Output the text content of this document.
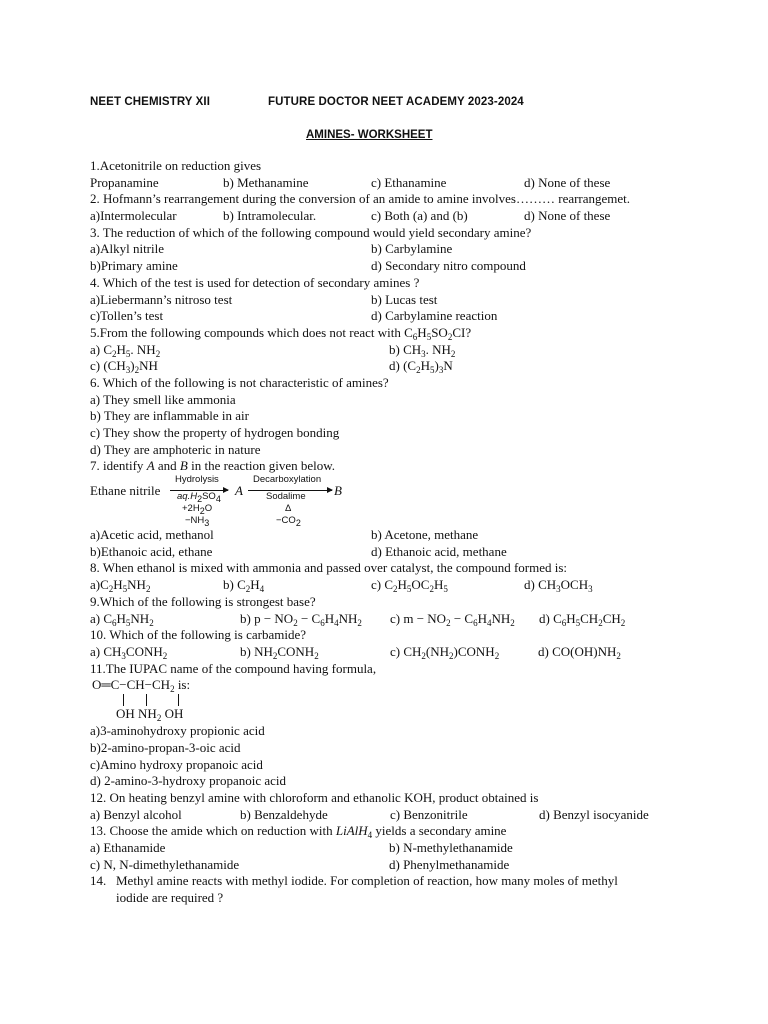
NEET CHEMISTRY XII	FUTURE DOCTOR NEET ACADEMY 2023-2024
AMINES- WORKSHEET
1.Acetonitrile on reduction gives
Propanamine	b) Methanamine	c) Ethanamine	d) None of these
2. Hofmann’s rearrangement during the conversion of an amide to amine involves……… rearrangemet.
a)Intermolecular	b) Intramolecular.	c) Both (a) and (b)	d) None of these
3. The reduction of which of the following compound would yield secondary amine?
a)Alkyl nitrile	b) Carbylamine
b)Primary amine	d) Secondary nitro compound
4. Which of the test is used for detection of secondary amines ?
a)Liebermann’s nitroso test	b) Lucas test
c)Tollen’s test	d) Carbylamine reaction
5.From the following compounds which does not react with $C_6H_5SO_2CI$?
a) $C_2H_5$. $NH_2$	b) $CH_3$. $NH_2$
c) $(CH_3)_2NH$	d) $(C_2H_5)_3N$
6. Which of the following is not characteristic of amines?
a) They smell like ammonia
b) They are inflammable in air
c) They show the property of hydrogen bonding
d) They are amphoteric in nature
7. identify A and B in the reaction given below.
Ethane nitrile
Hydrolysis
$aq.H_2SO_4$
$+2H_2O$
$-NH_3$
A
Decarboxylation
Sodalime
Δ
$-CO_2$
B
a)Acetic acid, methanol	b) Acetone, methane
b)Ethanoic acid, ethane	d) Ethanoic acid, methane
8. When ethanol is mixed with ammonia and passed over catalyst, the compound formed is:
$a)C_2H_5NH_2$	b) $C_2H_4$	c) $C_2H_5OC_2H_5$	d) $CH_3OCH_3$
9.Which of the following is strongest base?
a) $C_6H_5NH_2$	b) $p - NO_2 - C_6H_4NH_2$ c) $m - NO_2 - C_6H_4NH_2$ d) $C_6H_5CH_2CH_2$
10. Which of the following is carbamide?
a) $CH_3CONH_2$	b) $NH_2CONH_2$	c) $CH_2(NH_2)CONH_2$	d) $CO(OH)NH_2$
11.The IUPAC name of the compound having formula,
$O═C-CH-CH_2$ is:
OH $NH_2$ OH
a)3-aminohydroxy propionic acid
b)2-amino-propan-3-oic acid
c)Amino hydroxy propanoic acid
d) 2-amino-3-hydroxy propanoic acid
12. On heating benzyl amine with chloroform and ethanolic KOH, product obtained is
a) Benzyl alcohol	b) Benzaldehyde	c) Benzonitrile	d) Benzyl isocyanide
13. Choose the amide which on reduction with LiAlH$_4$ yields a secondary amine
a) Ethanamide	b) N-methylethanamide
c) N, N-dimethylethanamide	d) Phenylmethanamide
14. Methyl amine reacts with methyl iodide. For completion of reaction, how many moles of methyl
iodide are required ?
